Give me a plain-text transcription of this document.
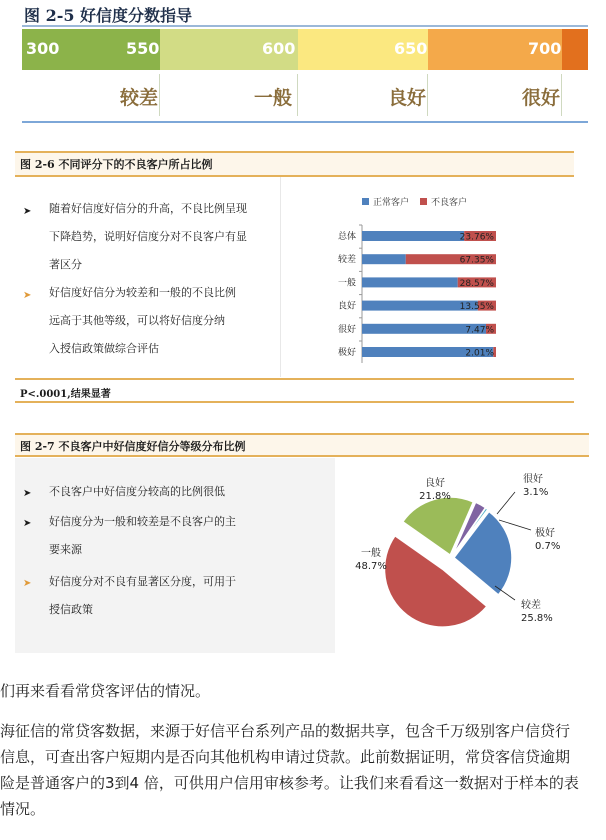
图 2-5 好信度分数指导
300	550	600	650	700
较差	一般	良好	很好
图 2-6 不同评分下的不良客户所占比例
➤ 随着好信度好信分的升高，不良比例呈现
下降趋势，说明好信度分对不良客户有显
著区分
➤ 好信度好信分为较差和一般的不良比例
远高于其他等级，可以将好信度分纳
入授信政策做综合评估
正常客户 不良客户
总体	23.76%
较差	67.35%
一般	28.57%
良好	13.55%
很好	7.47%
极好	2.01%
P<.0001,结果显著
图 2-7 不良客户中好信度好信分等级分布比例
➤ 不良客户中好信度分较高的比例很低
➤ 好信度分为一般和较差是不良客户的主
要来源
➤ 好信度分对不良有显著区分度，可用于
授信政策
一般
48.7%
良好
21.8%
很好
3.1%
极好
0.7%
较差
25.8%
们再来看看常贷客评估的情况。
海征信的常贷客数据，来源于好信平台系列产品的数据共享，包含千万级别客户信贷行
信息，可查出客户短期内是否向其他机构申请过贷款。此前数据证明，常贷客信贷逾期
险是普通客户的3到4 倍，可供用户信用审核参考。让我们来看看这一数据对于样本的表
情况。
